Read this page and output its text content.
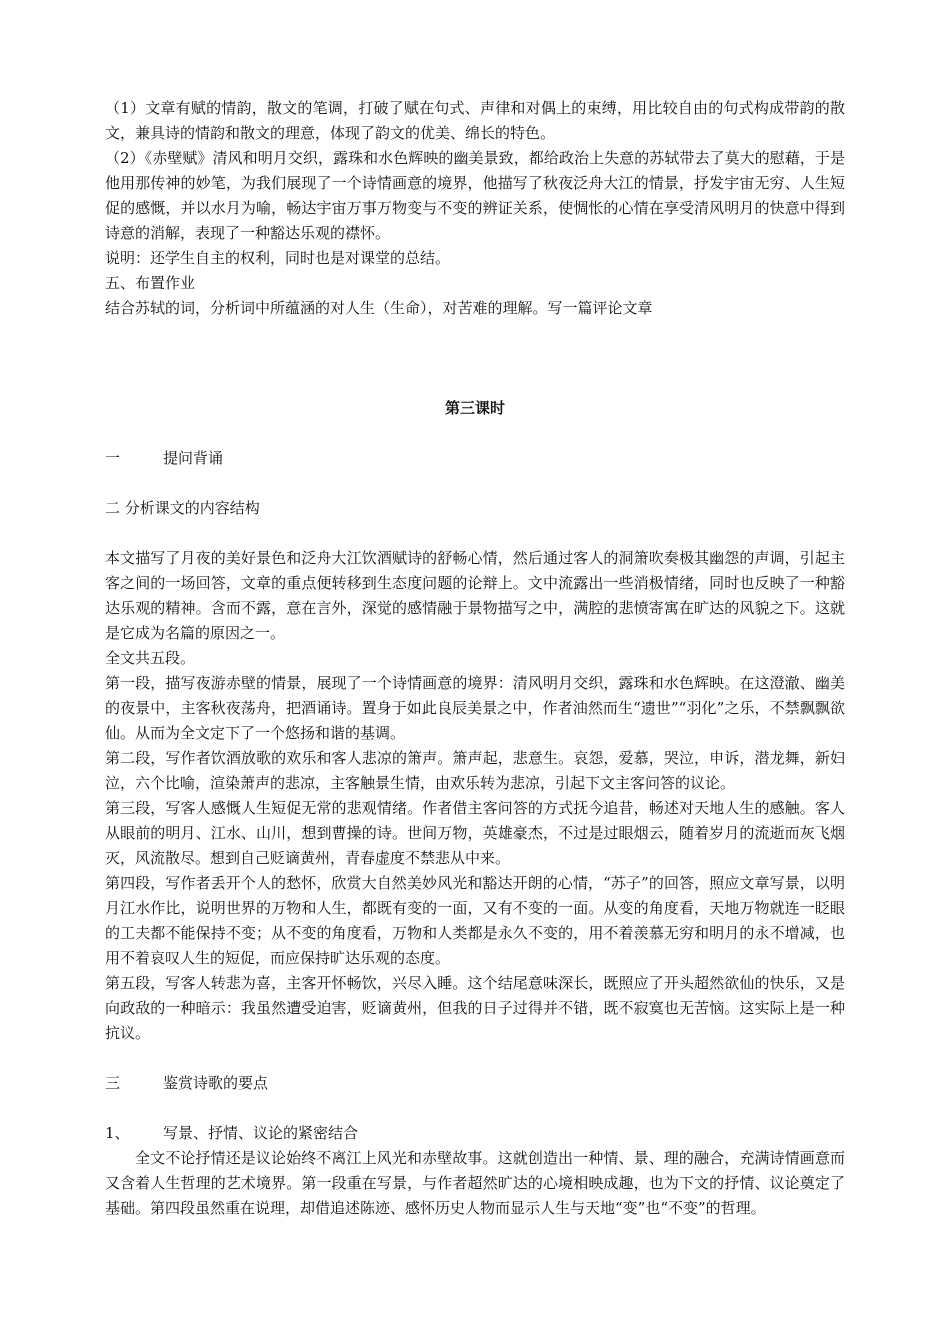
（1）文章有赋的情韵，散文的笔调，打破了赋在句式、声律和对偶上的束缚，用比较自由的句式构成带韵的散文，兼具诗的情韵和散文的理意，体现了韵文的优美、绵长的特色。

（2）《赤壁赋》清风和明月交织，露珠和水色辉映的幽美景致，都给政治上失意的苏轼带去了莫大的慰藉，于是他用那传神的妙笔，为我们展现了一个诗情画意的境界，他描写了秋夜泛舟大江的情景，抒发宇宙无穷、人生短促的感慨，并以水月为喻，畅达宇宙万事万物变与不变的辨证关系，使惆怅的心情在享受清风明月的快意中得到诗意的消解，表现了一种豁达乐观的襟怀。

说明：还学生自主的权利，同时也是对课堂的总结。

五、布置作业

结合苏轼的词，分析词中所蕴涵的对人生（生命），对苦难的理解。写一篇评论文章

第三课时

一	提问背诵

二 分析课文的内容结构

本文描写了月夜的美好景色和泛舟大江饮酒赋诗的舒畅心情，然后通过客人的洞箫吹奏极其幽怨的声调，引起主客之间的一场回答，文章的重点便转移到生态度问题的论辩上。文中流露出一些消极情绪，同时也反映了一种豁达乐观的精神。含而不露，意在言外，深觉的感情融于景物描写之中，满腔的悲愤寄寓在旷达的风貌之下。这就是它成为名篇的原因之一。

全文共五段。

第一段，描写夜游赤壁的情景，展现了一个诗情画意的境界：清风明月交织，露珠和水色辉映。在这澄澈、幽美的夜景中，主客秋夜荡舟，把酒诵诗。置身于如此良辰美景之中，作者油然而生“遗世”“羽化”之乐，不禁飘飘欲仙。从而为全文定下了一个悠扬和谐的基调。

第二段，写作者饮酒放歌的欢乐和客人悲凉的箫声。箫声起，悲意生。哀怨，爱慕，哭泣，申诉，潜龙舞，新妇泣，六个比喻，渲染萧声的悲凉，主客触景生情，由欢乐转为悲凉，引起下文主客问答的议论。

第三段，写客人感慨人生短促无常的悲观情绪。作者借主客问答的方式抚今追昔，畅述对天地人生的感触。客人从眼前的明月、江水、山川，想到曹操的诗。世间万物，英雄豪杰，不过是过眼烟云，随着岁月的流逝而灰飞烟灭，风流散尽。想到自己贬谪黄州，青春虚度不禁悲从中来。

第四段，写作者丢开个人的愁怀，欣赏大自然美妙风光和豁达开朗的心情，“苏子”的回答，照应文章写景，以明月江水作比，说明世界的万物和人生，都既有变的一面，又有不变的一面。从变的角度看，天地万物就连一眨眼的工夫都不能保持不变；从不变的角度看，万物和人类都是永久不变的，用不着羡慕无穷和明月的永不增减，也用不着哀叹人生的短促，而应保持旷达乐观的态度。

第五段，写客人转悲为喜，主客开怀畅饮，兴尽入睡。这个结尾意味深长，既照应了开头超然欲仙的快乐，又是向政敌的一种暗示：我虽然遭受迫害，贬谪黄州，但我的日子过得并不错，既不寂寞也无苦恼。这实际上是一种抗议。

三	鉴赏诗歌的要点

1、 写景、抒情、议论的紧密结合

全文不论抒情还是议论始终不离江上风光和赤壁故事。这就创造出一种情、景、理的融合，充满诗情画意而又含着人生哲理的艺术境界。第一段重在写景，与作者超然旷达的心境相映成趣，也为下文的抒情、议论奠定了基础。第四段虽然重在说理，却借追述陈迹、感怀历史人物而显示人生与天地“变”也“不变”的哲理。
